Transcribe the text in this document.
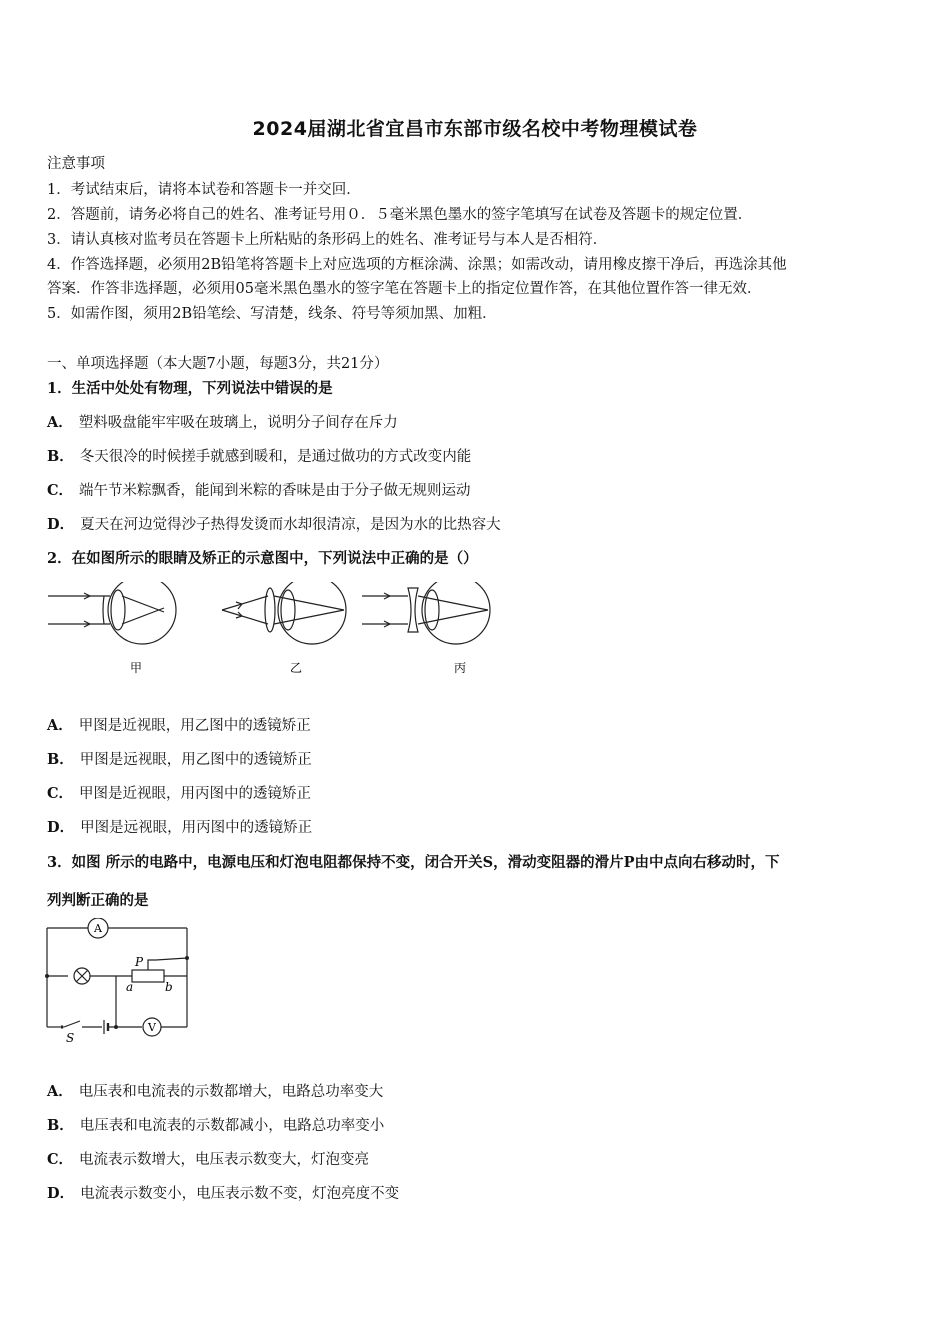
2024届湖北省宜昌市东部市级名校中考物理模试卷
注意事项
1．考试结束后，请将本试卷和答题卡一并交回．
2．答题前，请务必将自己的姓名、准考证号用０．５毫米黑色墨水的签字笔填写在试卷及答题卡的规定位置．
3．请认真核对监考员在答题卡上所粘贴的条形码上的姓名、准考证号与本人是否相符．
4．作答选择题，必须用2B铅笔将答题卡上对应选项的方框涂满、涂黑；如需改动，请用橡皮擦干净后，再选涂其他
答案．作答非选择题，必须用05毫米黑色墨水的签字笔在答题卡上的指定位置作答，在其他位置作答一律无效．
5．如需作图，须用2B铅笔绘、写清楚，线条、符号等须加黑、加粗．
一、单项选择题（本大题7小题，每题3分，共21分）
1．生活中处处有物理，下列说法中错误的是
A． 塑料吸盘能牢牢吸在玻璃上，说明分子间存在斥力
B． 冬天很冷的时候搓手就感到暖和，是通过做功的方式改变内能
C． 端午节米粽飘香，能闻到米粽的香味是由于分子做无规则运动
D． 夏天在河边觉得沙子热得发烫而水却很清凉，是因为水的比热容大
2．在如图所示的眼睛及矫正的示意图中，下列说法中正确的是（）
甲	乙	丙
A． 甲图是近视眼，用乙图中的透镜矫正
B． 甲图是远视眼，用乙图中的透镜矫正
C． 甲图是近视眼，用丙图中的透镜矫正
D． 甲图是远视眼，用丙图中的透镜矫正
3．如图 所示的电路中，电源电压和灯泡电阻都保持不变，闭合开关S，滑动变阻器的滑片P由中点向右移动时，下
列判断正确的是
A
V
P
a	b
S
A． 电压表和电流表的示数都增大，电路总功率变大
B． 电压表和电流表的示数都减小，电路总功率变小
C． 电流表示数增大，电压表示数变大，灯泡变亮
D． 电流表示数变小，电压表示数不变，灯泡亮度不变
